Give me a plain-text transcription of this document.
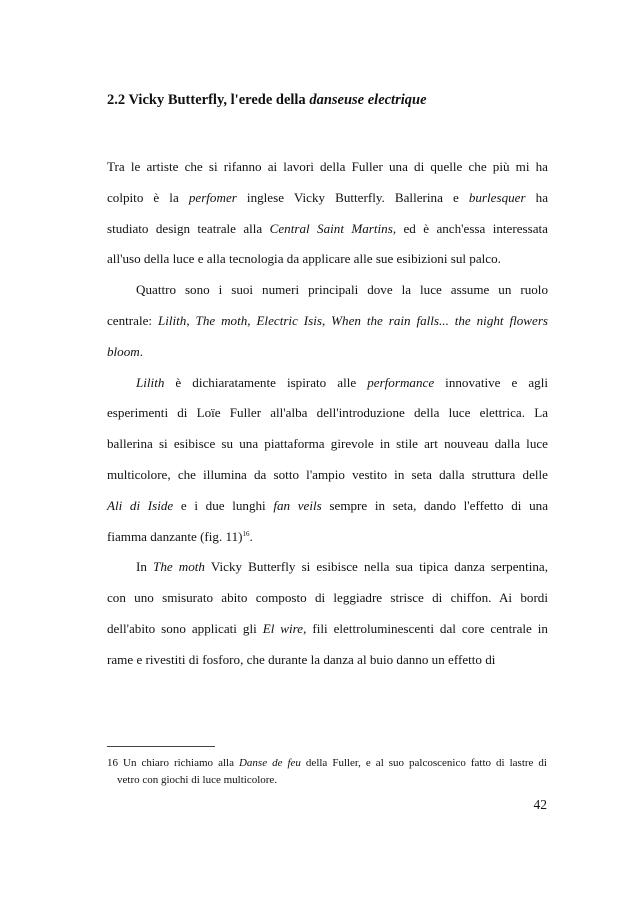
2.2 Vicky Butterfly, l'erede della danseuse electrique
Tra le artiste che si rifanno ai lavori della Fuller una di quelle che più mi ha
colpito è la perfomer inglese Vicky Butterfly. Ballerina e burlesquer ha
studiato design teatrale alla Central Saint Martins, ed è anch'essa interessata
all'uso della luce e alla tecnologia da applicare alle sue esibizioni sul palco.
Quattro sono i suoi numeri principali dove la luce assume un ruolo
centrale: Lilith, The moth, Electric Isis, When the rain falls... the night flowers
bloom.
Lilith è dichiaratamente ispirato alle performance innovative e agli
esperimenti di Loïe Fuller all'alba dell'introduzione della luce elettrica. La
ballerina si esibisce su una piattaforma girevole in stile art nouveau dalla luce
multicolore, che illumina da sotto l'ampio vestito in seta dalla struttura delle
Ali di Iside e i due lunghi fan veils sempre in seta, dando l'effetto di una
fiamma danzante (fig. 11)$^{16}$.
In The moth Vicky Butterfly si esibisce nella sua tipica danza serpentina,
con uno smisurato abito composto di leggiadre strisce di chiffon. Ai bordi
dell'abito sono applicati gli El wire, fili elettroluminescenti dal core centrale in
rame e rivestiti di fosforo, che durante la danza al buio danno un effetto di
16 Un chiaro richiamo alla Danse de feu della Fuller, e al suo palcoscenico fatto di lastre di
vetro con giochi di luce multicolore.
42
